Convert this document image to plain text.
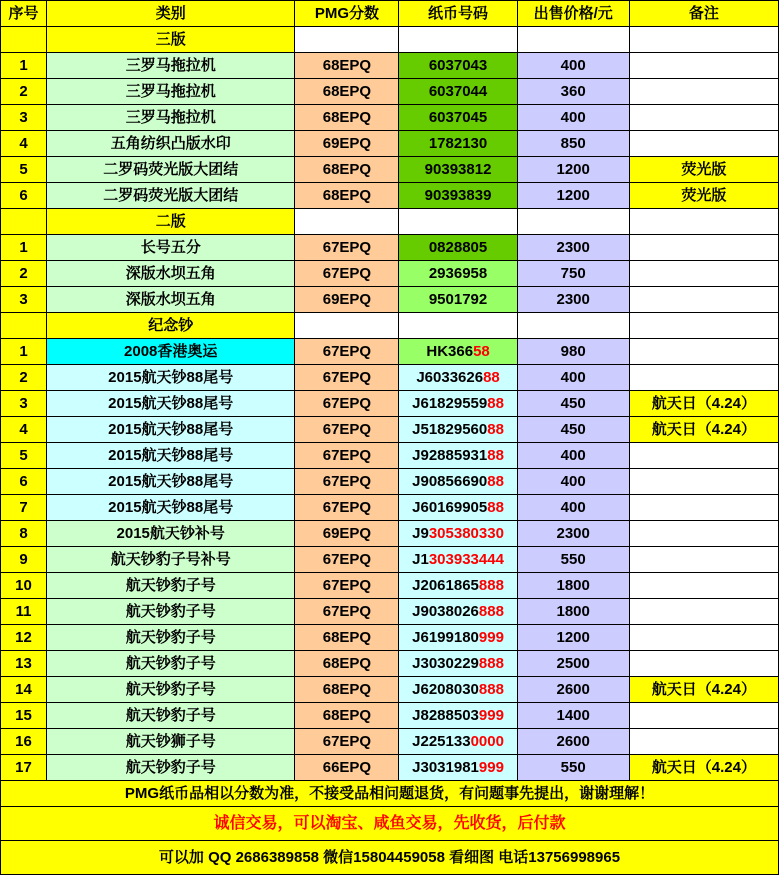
序号	类别	PMG分数	纸币号码	出售价格/元	备注
	三版				
1	三罗马拖拉机	68EPQ	6037043	400	
2	三罗马拖拉机	68EPQ	6037044	360	
3	三罗马拖拉机	68EPQ	6037045	400	
4	五角纺织凸版水印	69EPQ	1782130	850	
5	二罗码荧光版大团结	68EPQ	90393812	1200	荧光版
6	二罗码荧光版大团结	68EPQ	90393839	1200	荧光版
	二版				
1	长号五分	67EPQ	0828805	2300	
2	深版水坝五角	67EPQ	2936958	750	
3	深版水坝五角	69EPQ	9501792	2300	
	纪念钞				
1	2008香港奥运	67EPQ	HK36658	980	
2	2015航天钞88尾号	67EPQ	J603362688	400	
3	2015航天钞88尾号	67EPQ	J6182955988	450	航天日（4.24）
4	2015航天钞88尾号	67EPQ	J5182956088	450	航天日（4.24）
5	2015航天钞88尾号	67EPQ	J9288593188	400	
6	2015航天钞88尾号	67EPQ	J9085669088	400	
7	2015航天钞88尾号	67EPQ	J6016990588	400	
8	2015航天钞补号	69EPQ	J9305380330	2300	
9	航天钞豹子号补号	67EPQ	J1303933444	550	
10	航天钞豹子号	67EPQ	J2061865888	1800	
11	航天钞豹子号	67EPQ	J9038026888	1800	
12	航天钞豹子号	68EPQ	J6199180999	1200	
13	航天钞豹子号	68EPQ	J3030229888	2500	
14	航天钞豹子号	68EPQ	J6208030888	2600	航天日（4.24）
15	航天钞豹子号	68EPQ	J8288503999	1400	
16	航天钞狮子号	67EPQ	J2251330000	2600	
17	航天钞豹子号	66EPQ	J3031981999	550	航天日（4.24）
PMG纸币品相以分数为准，不接受品相问题退货，有问题事先提出，谢谢理解！					
诚信交易，可以淘宝、咸鱼交易，先收货，后付款					
可以加 QQ 2686389858 微信15804459058 看细图 电话13756998965					
